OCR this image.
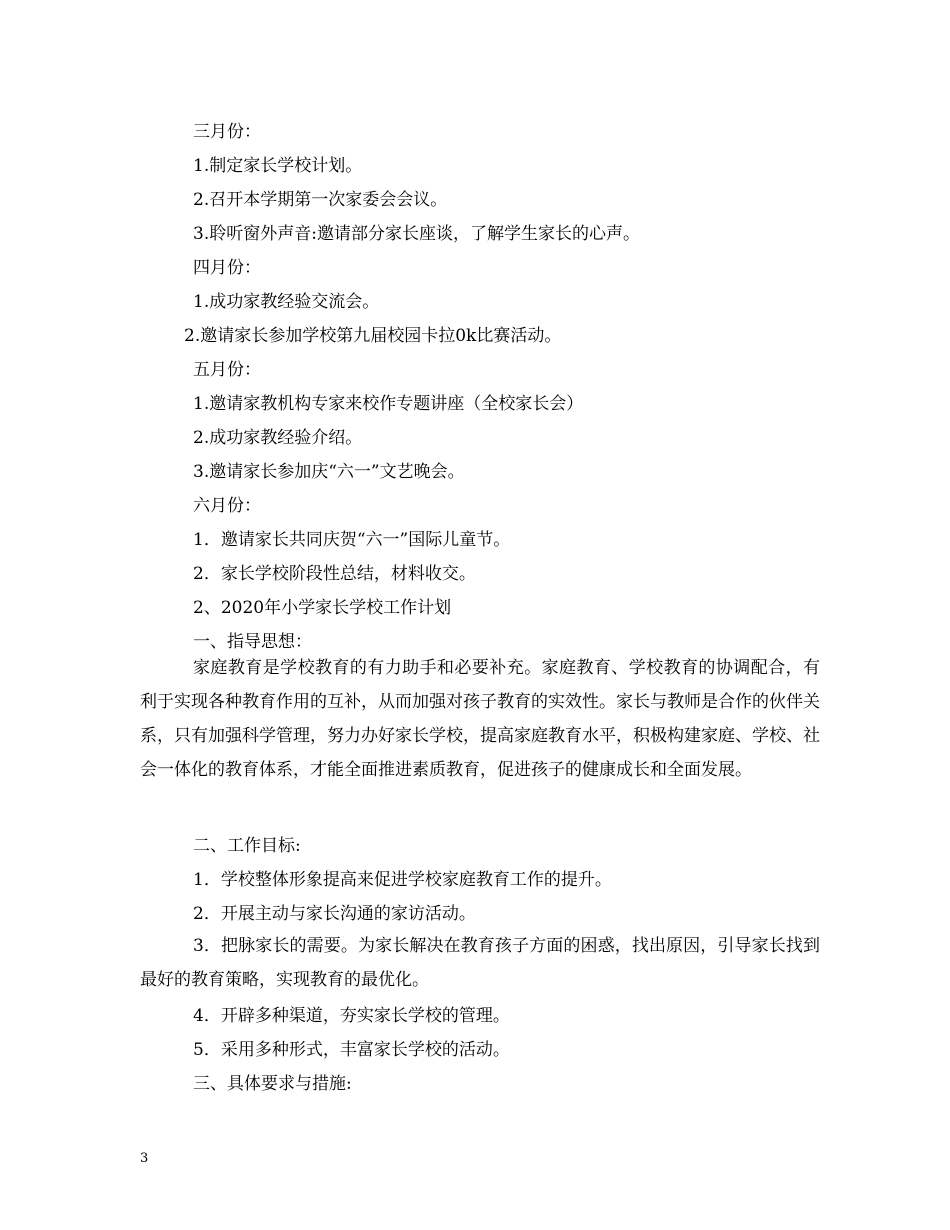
三月份：
1.制定家长学校计划。
2.召开本学期第一次家委会会议。
3.聆听窗外声音:邀请部分家长座谈，了解学生家长的心声。
四月份：
1.成功家教经验交流会。
2.邀请家长参加学校第九届校园卡拉0k比赛活动。
五月份：
1.邀请家教机构专家来校作专题讲座（全校家长会）
2.成功家教经验介绍。
3.邀请家长参加庆“六一”文艺晚会。
六月份：
1．邀请家长共同庆贺“六一”国际儿童节。
2．家长学校阶段性总结，材料收交。
2、2020年小学家长学校工作计划
一、指导思想：
家庭教育是学校教育的有力助手和必要补充。家庭教育、学校教育的协调配合，有利于实现各种教育作用的互补，从而加强对孩子教育的实效性。家长与教师是合作的伙伴关系，只有加强科学管理，努力办好家长学校，提高家庭教育水平，积极构建家庭、学校、社会一体化的教育体系，才能全面推进素质教育，促进孩子的健康成长和全面发展。
二、工作目标:
1．学校整体形象提高来促进学校家庭教育工作的提升。
2．开展主动与家长沟通的家访活动。
3．把脉家长的需要。为家长解决在教育孩子方面的困惑，找出原因，引导家长找到最好的教育策略，实现教育的最优化。
4．开辟多种渠道，夯实家长学校的管理。
5．采用多种形式，丰富家长学校的活动。
三、具体要求与措施:
3
